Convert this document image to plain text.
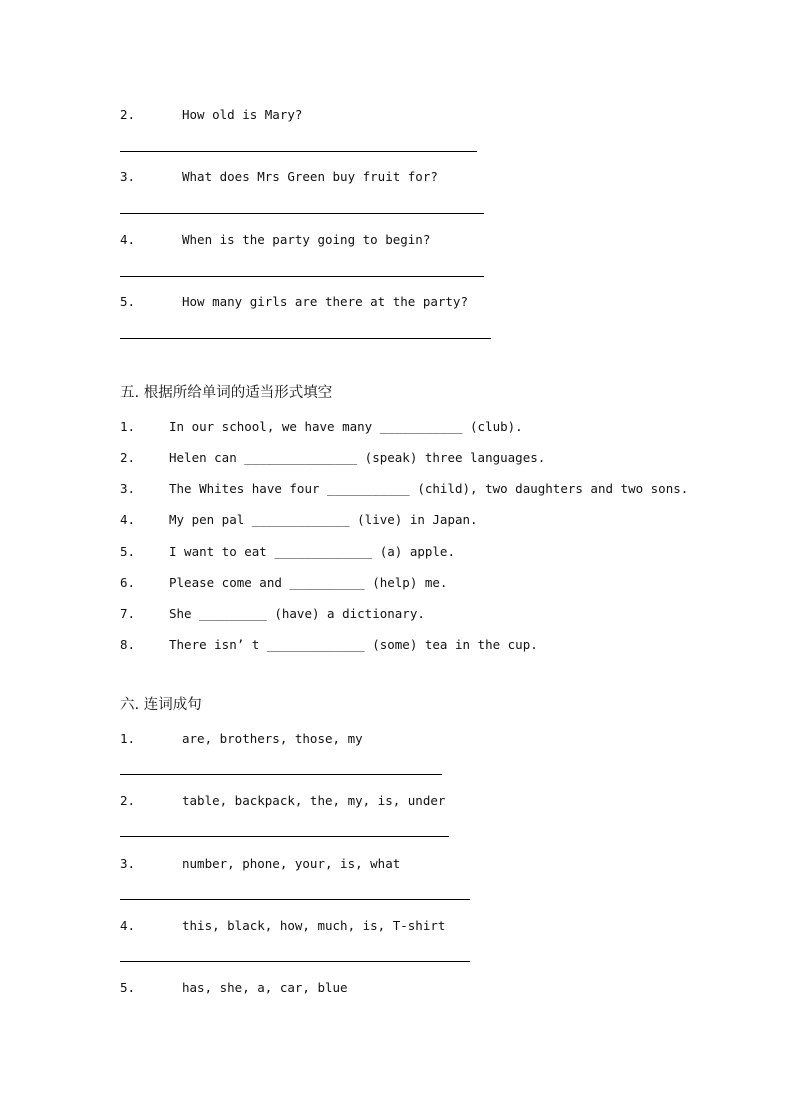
2.	How old is Mary?
3.	What does Mrs Green buy fruit for?
4.	When is the party going to begin?
5.	How many girls are there at the party?
五. 根据所给单词的适当形式填空
1.	In our school, we have many ___________ (club).
2.	Helen can _______________ (speak) three languages.
3.	The Whites have four ___________ (child), two daughters and two sons.
4.	My pen pal _____________ (live) in Japan.
5.	I want to eat _____________ (a) apple.
6.	Please come and __________ (help) me.
7.	She _________ (have) a dictionary.
8.	There isn’ t _____________ (some) tea in the cup.
六. 连词成句
1.	are, brothers, those, my
2.	table, backpack, the, my, is, under
3.	number, phone, your, is, what
4.	this, black, how, much, is, T-shirt
5.	has, she, a, car, blue
